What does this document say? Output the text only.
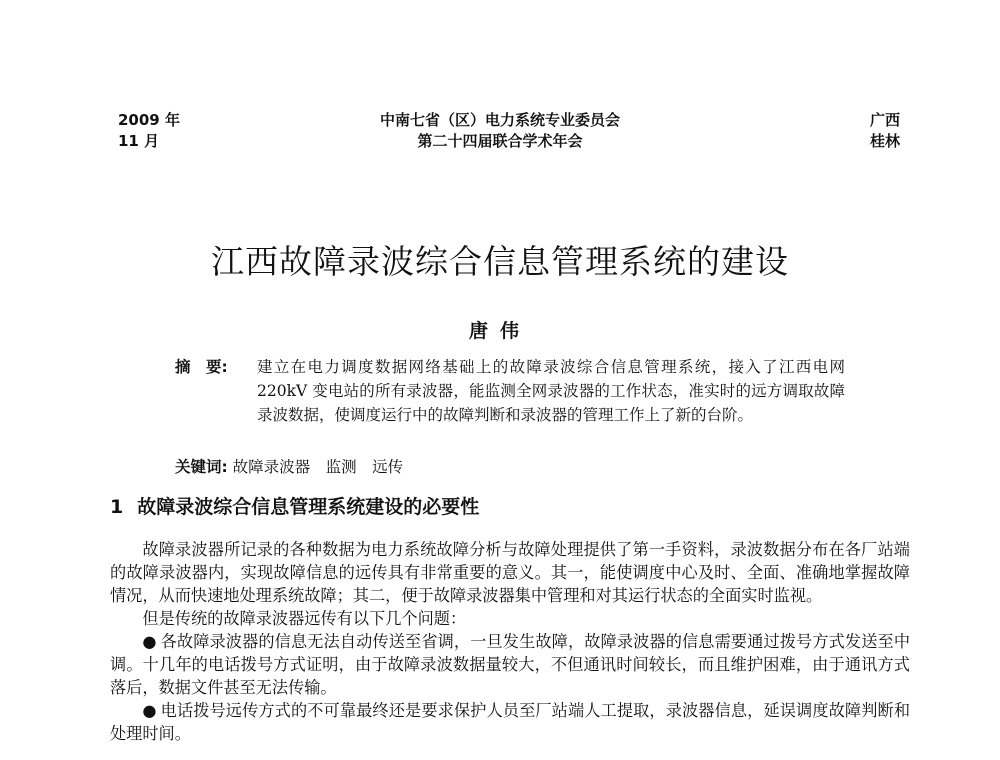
2009 年
11 月
中南七省（区）电力系统专业委员会
第二十四届联合学术年会
广西
桂林
江西故障录波综合信息管理系统的建设
唐伟
摘　要:	建立在电力调度数据网络基础上的故障录波综合信息管理系统，接入了江西电网 220kV 变电站的所有录波器，能监测全网录波器的工作状态，准实时的远方调取故障录波数据，使调度运行中的故障判断和录波器的管理工作上了新的台阶。
关键词: 故障录波器　监测　远传
1 故障录波综合信息管理系统建设的必要性

故障录波器所记录的各种数据为电力系统故障分析与故障处理提供了第一手资料，录波数据分布在各厂站端的故障录波器内，实现故障信息的远传具有非常重要的意义。其一，能使调度中心及时、全面、准确地掌握故障情况，从而快速地处理系统故障；其二，便于故障录波器集中管理和对其运行状态的全面实时监视。

但是传统的故障录波器远传有以下几个问题：

● 各故障录波器的信息无法自动传送至省调，一旦发生故障，故障录波器的信息需要通过拨号方式发送至中调。十几年的电话拨号方式证明，由于故障录波数据量较大，不但通讯时间较长，而且维护困难，由于通讯方式落后，数据文件甚至无法传输。

● 电话拨号远传方式的不可靠最终还是要求保护人员至厂站端人工提取，录波器信息，延误调度故障判断和处理时间。
